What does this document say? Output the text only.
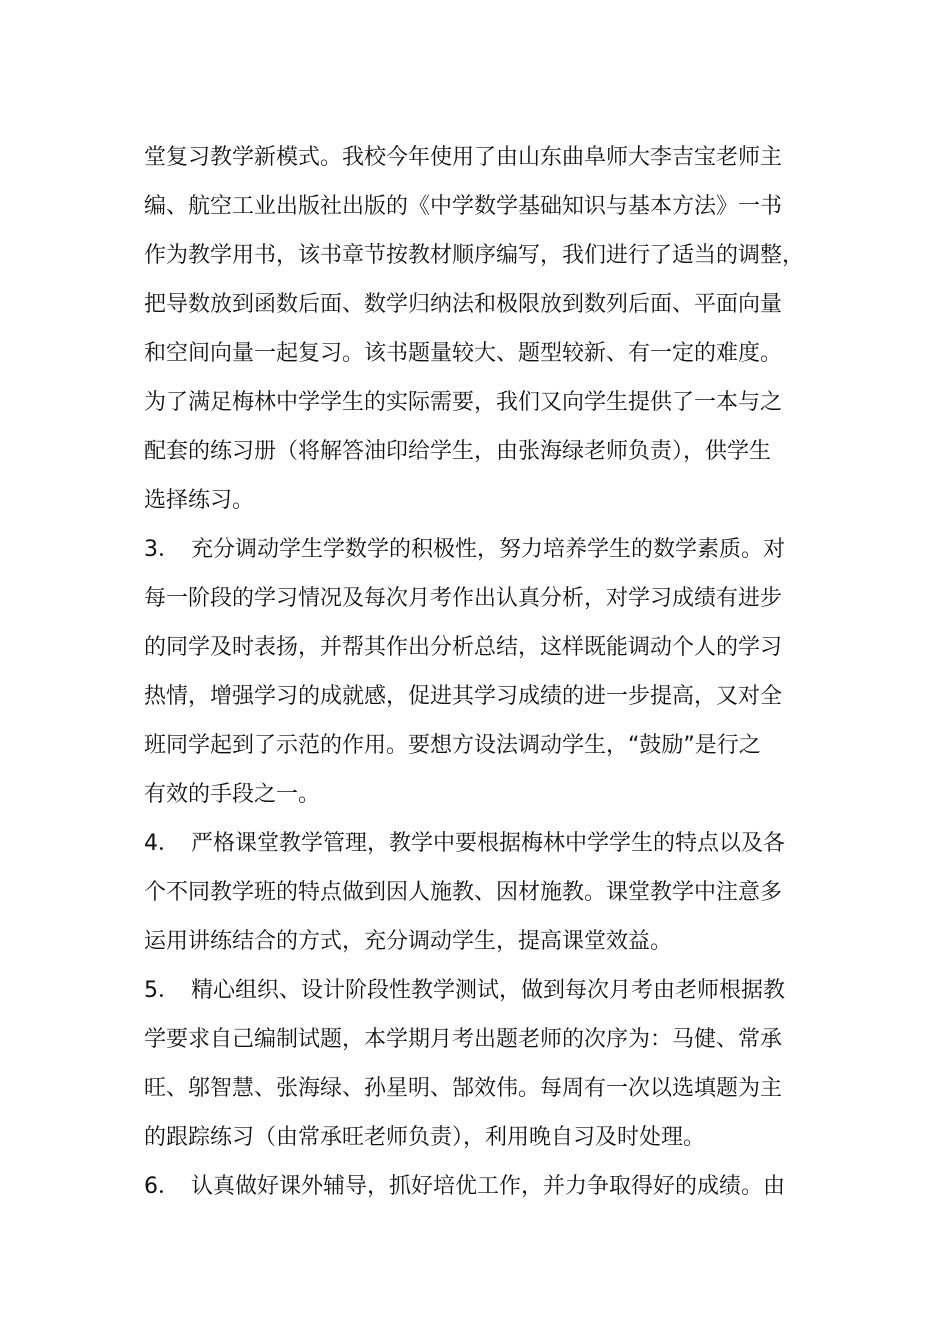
堂复习教学新模式。我校今年使用了由山东曲阜师大李吉宝老师主

编、航空工业出版社出版的《中学数学基础知识与基本方法》一书

作为教学用书，该书章节按教材顺序编写，我们进行了适当的调整，

把导数放到函数后面、数学归纳法和极限放到数列后面、平面向量

和空间向量一起复习。该书题量较大、题型较新、有一定的难度。

为了满足梅林中学学生的实际需要，我们又向学生提供了一本与之

配套的练习册（将解答油印给学生，由张海绿老师负责），供学生

选择练习。

3．　充分调动学生学数学的积极性，努力培养学生的数学素质。对

每一阶段的学习情况及每次月考作出认真分析，对学习成绩有进步

的同学及时表扬，并帮其作出分析总结，这样既能调动个人的学习

热情，增强学习的成就感，促进其学习成绩的进一步提高，又对全

班同学起到了示范的作用。要想方设法调动学生，“鼓励”是行之

有效的手段之一。

4．　严格课堂教学管理，教学中要根据梅林中学学生的特点以及各

个不同教学班的特点做到因人施教、因材施教。课堂教学中注意多

运用讲练结合的方式，充分调动学生，提高课堂效益。

5．　精心组织、设计阶段性教学测试，做到每次月考由老师根据教

学要求自己编制试题，本学期月考出题老师的次序为：马健、常承

旺、邬智慧、张海绿、孙星明、郜效伟。每周有一次以选填题为主

的跟踪练习（由常承旺老师负责），利用晚自习及时处理。

6．　认真做好课外辅导，抓好培优工作，并力争取得好的成绩。由
